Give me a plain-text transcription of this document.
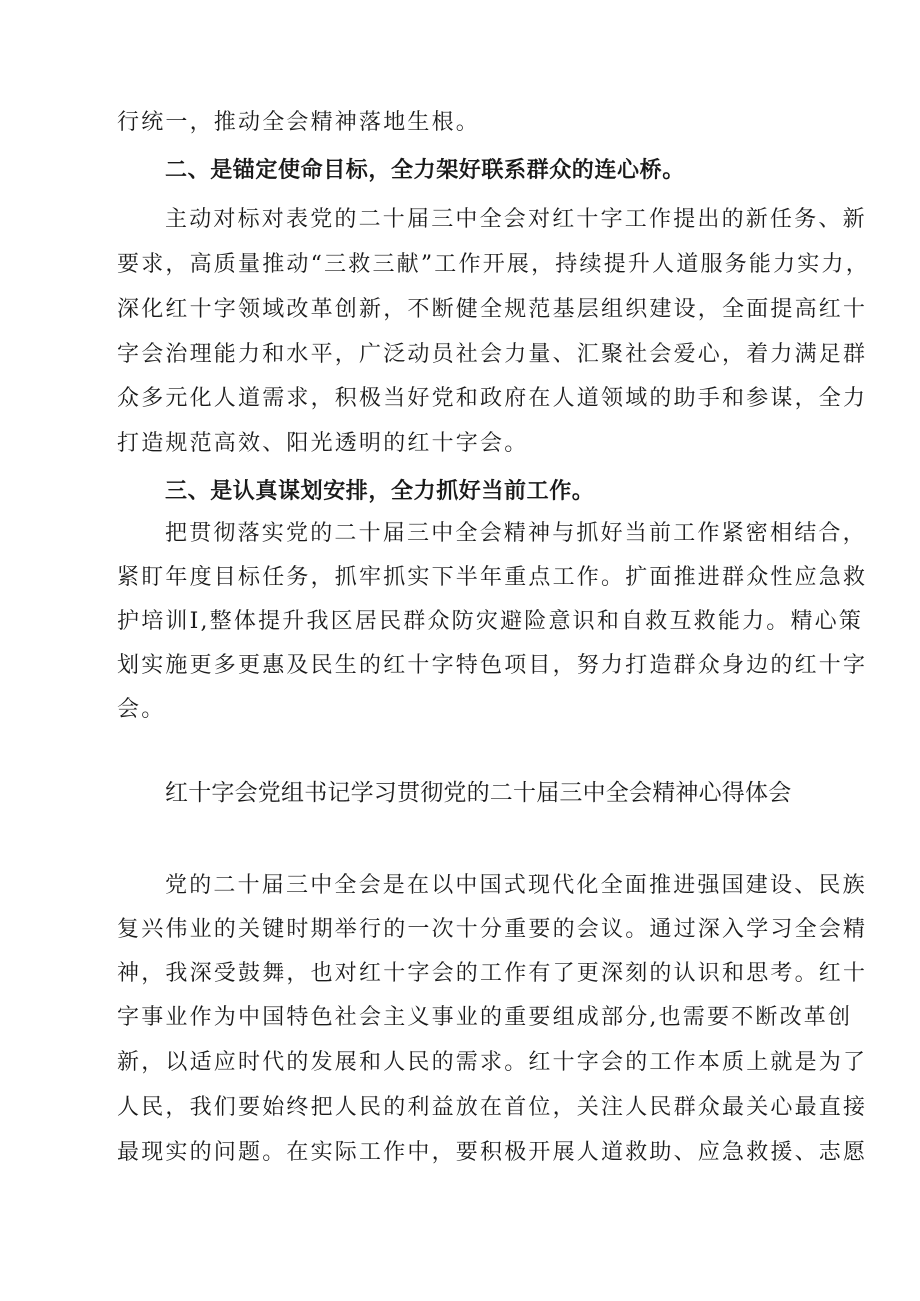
行统一，推动全会精神落地生根。
二、是锚定使命目标，全力架好联系群众的连心桥。
主动对标对表党的二十届三中全会对红十字工作提出的新任务、新
要求，高质量推动“三救三献”工作开展，持续提升人道服务能力实力，
深化红十字领域改革创新，不断健全规范基层组织建设，全面提高红十
字会治理能力和水平，广泛动员社会力量、汇聚社会爱心，着力满足群
众多元化人道需求，积极当好党和政府在人道领域的助手和参谋，全力
打造规范高效、阳光透明的红十字会。
三、是认真谋划安排，全力抓好当前工作。
把贯彻落实党的二十届三中全会精神与抓好当前工作紧密相结合，
紧盯年度目标任务，抓牢抓实下半年重点工作。扩面推进群众性应急救
护培训I,整体提升我区居民群众防灾避险意识和自救互救能力。精心策
划实施更多更惠及民生的红十字特色项目，努力打造群众身边的红十字
会。
红十字会党组书记学习贯彻党的二十届三中全会精神心得体会
党的二十届三中全会是在以中国式现代化全面推进强国建设、民族
复兴伟业的关键时期举行的一次十分重要的会议。通过深入学习全会精
神，我深受鼓舞，也对红十字会的工作有了更深刻的认识和思考。红十
字事业作为中国特色社会主义事业的重要组成部分,也需要不断改革创
新，以适应时代的发展和人民的需求。红十字会的工作本质上就是为了
人民，我们要始终把人民的利益放在首位，关注人民群众最关心最直接
最现实的问题。在实际工作中，要积极开展人道救助、应急救援、志愿
